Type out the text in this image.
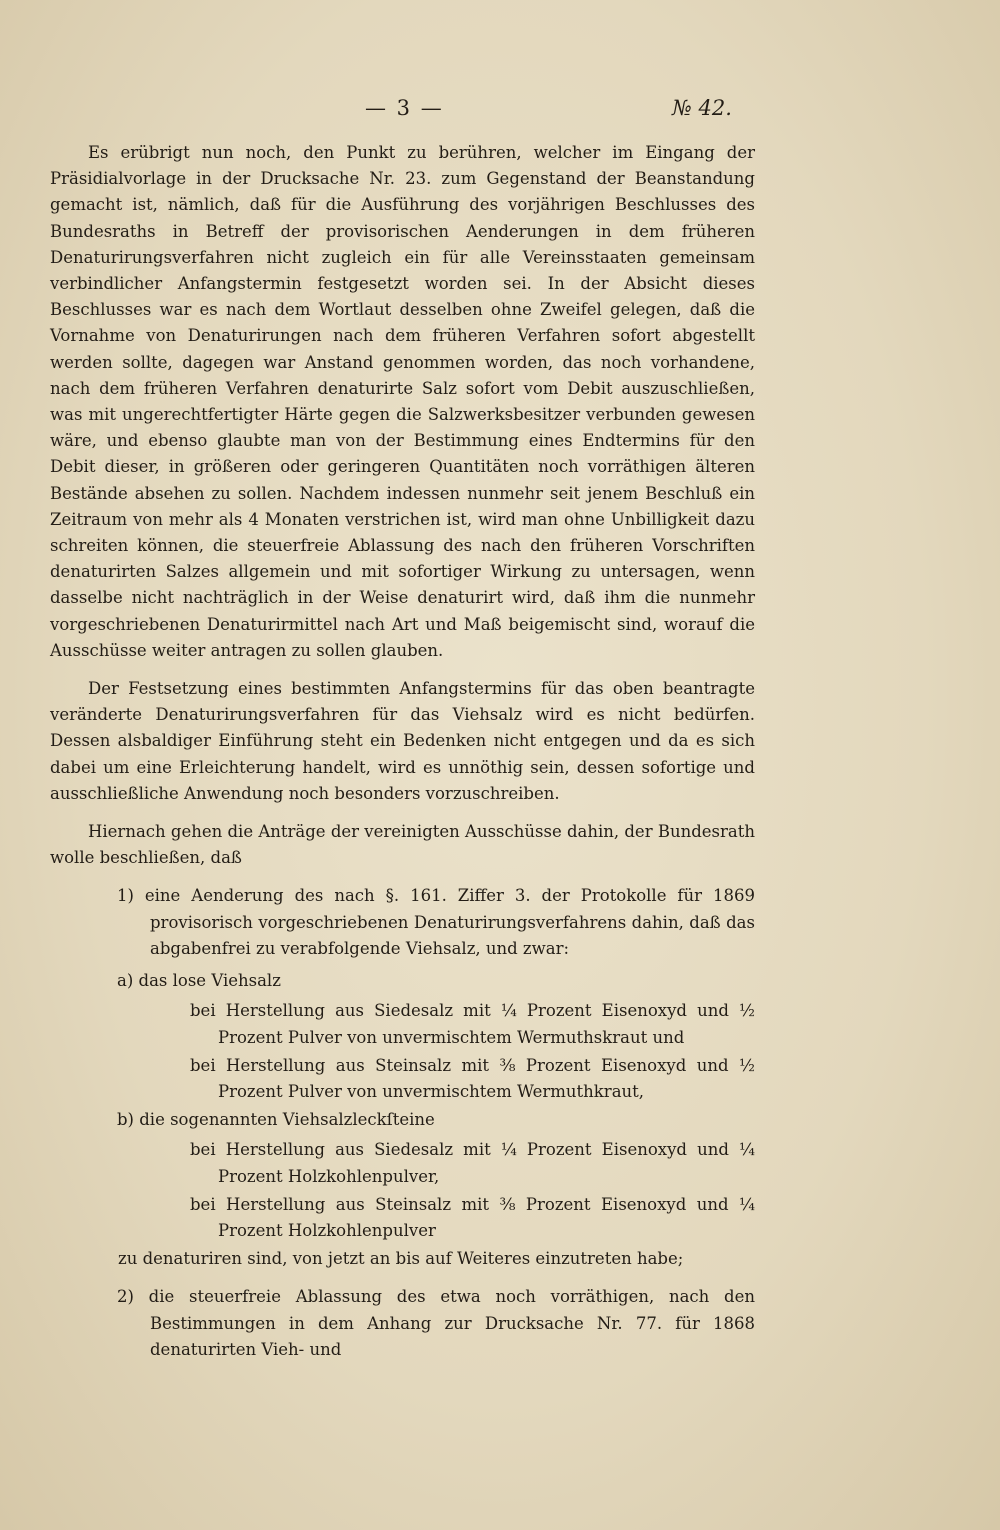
— 3 —	№ 42.

Es erübrigt nun noch, den Punkt zu berühren, welcher im Eingang der Präsidialvorlage in der Drucksache Nr. 23. zum Gegenstand der Beanstandung gemacht ist, nämlich, daß für die Ausführung des vorjährigen Beschlusses des Bundesraths in Betreff der provisorischen Aenderungen in dem früheren Denaturirungsverfahren nicht zugleich ein für alle Vereinsstaaten gemeinsam verbindlicher Anfangstermin festgesetzt worden sei. In der Absicht dieses Beschlusses war es nach dem Wortlaut desselben ohne Zweifel gelegen, daß die Vornahme von Denaturirungen nach dem früheren Verfahren sofort abgestellt werden sollte, dagegen war Anstand genommen worden, das noch vorhandene, nach dem früheren Verfahren denaturirte Salz sofort vom Debit auszuschließen, was mit ungerechtfertigter Härte gegen die Salzwerksbesitzer verbunden gewesen wäre, und ebenso glaubte man von der Bestimmung eines Endtermins für den Debit dieser, in größeren oder geringeren Quantitäten noch vorräthigen älteren Bestände absehen zu sollen. Nachdem indessen nunmehr seit jenem Beschluß ein Zeitraum von mehr als 4 Monaten verstrichen ist, wird man ohne Unbilligkeit dazu schreiten können, die steuerfreie Ablassung des nach den früheren Vorschriften denaturirten Salzes allgemein und mit sofortiger Wirkung zu untersagen, wenn dasselbe nicht nachträglich in der Weise denaturirt wird, daß ihm die nunmehr vorgeschriebenen Denaturirmittel nach Art und Maß beigemischt sind, worauf die Ausschüsse weiter antragen zu sollen glauben.

Der Festsetzung eines bestimmten Anfangstermins für das oben beantragte veränderte Denaturirungsverfahren für das Viehsalz wird es nicht bedürfen. Dessen alsbaldiger Einführung steht ein Bedenken nicht entgegen und da es sich dabei um eine Erleichterung handelt, wird es unnöthig sein, dessen sofortige und ausschließliche Anwendung noch besonders vorzuschreiben.

Hiernach gehen die Anträge der vereinigten Ausschüsse dahin, der Bundesrath wolle beschließen, daß

1) eine Aenderung des nach §. 161. Ziffer 3. der Protokolle für 1869 provisorisch vorgeschriebenen Denaturirungsverfahrens dahin, daß das abgabenfrei zu verabfolgende Viehsalz, und zwar:

a) das lose Viehsalz

bei Herstellung aus Siedesalz mit ¼ Prozent Eisenoxyd und ½ Prozent Pulver von unvermischtem Wermuthskraut und

bei Herstellung aus Steinsalz mit ⅜ Prozent Eisenoxyd und ½ Prozent Pulver von unvermischtem Wermuthkraut,

b) die sogenannten Viehsalzleckſteine

bei Herstellung aus Siedesalz mit ¼ Prozent Eisenoxyd und ¼ Prozent Holzkohlenpulver,

bei Herstellung aus Steinsalz mit ⅜ Prozent Eisenoxyd und ¼ Prozent Holzkohlenpulver

zu denaturiren sind, von jetzt an bis auf Weiteres einzutreten habe;

2) die steuerfreie Ablassung des etwa noch vorräthigen, nach den Bestimmungen in dem Anhang zur Drucksache Nr. 77. für 1868 denaturirten Vieh- und
